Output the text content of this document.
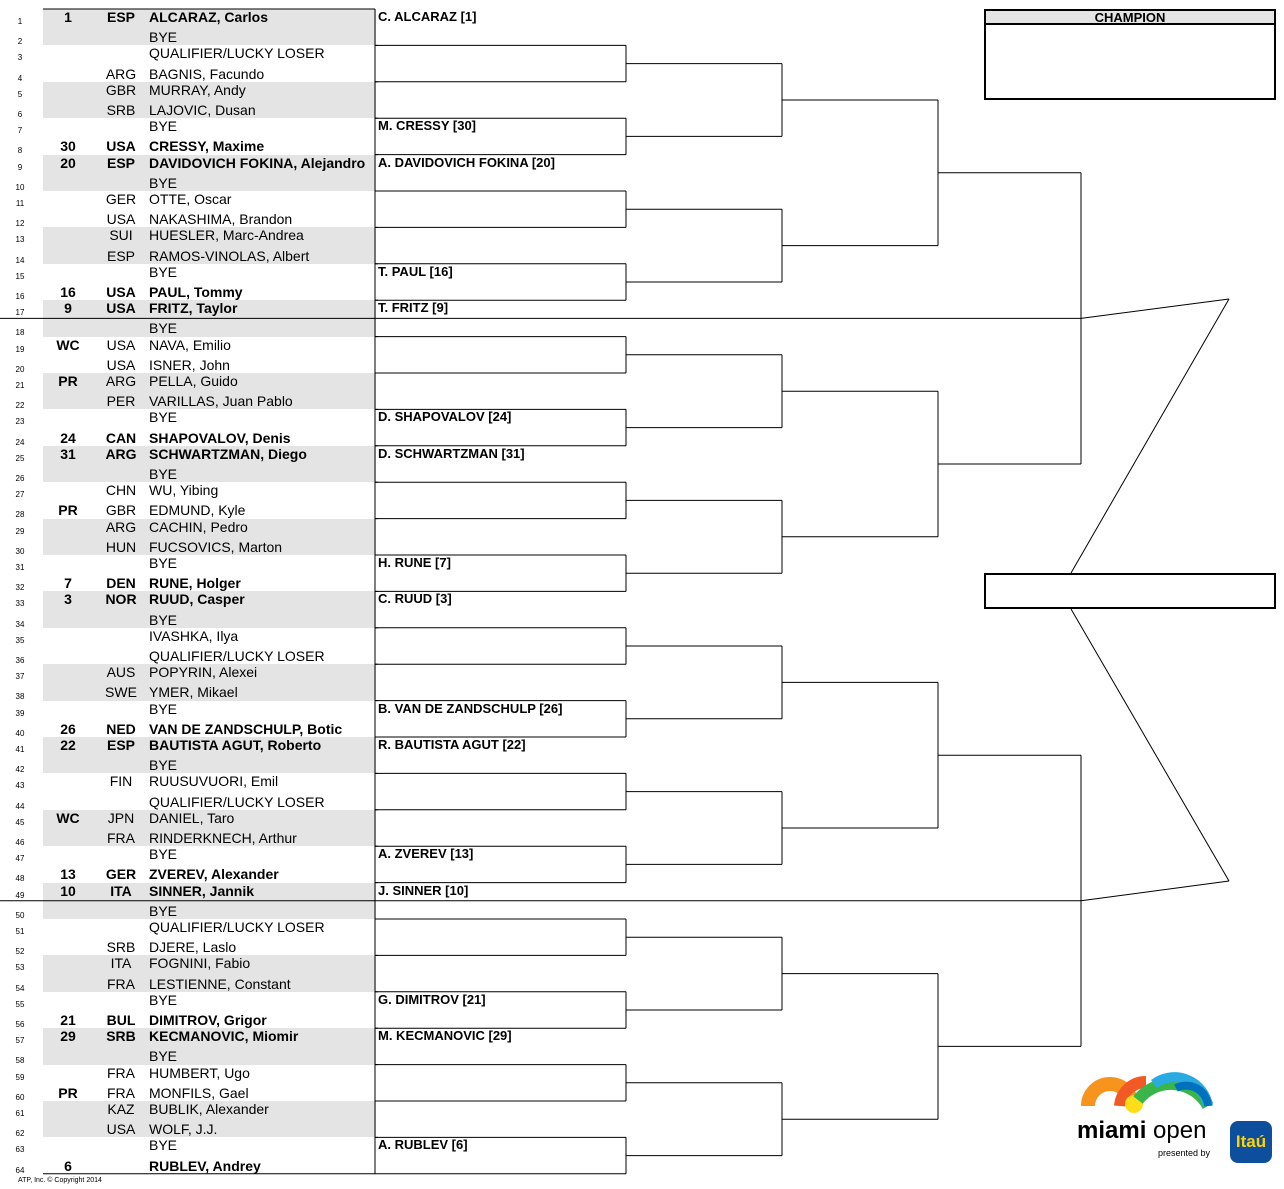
1	1	ESP	ALCARAZ, Carlos
2	BYE
3	QUALIFIER/LUCKY LOSER
4	ARG BAGNIS, Facundo
5	GBR MURRAY, Andy
6	SRB LAJOVIC, Dusan
7	BYE
8	30	USA CRESSY, Maxime
9	20	ESP	DAVIDOVICH FOKINA, Alejandro
10	BYE
11	GER OTTE, Oscar
12	USA NAKASHIMA, Brandon
13	SUI	HUESLER, Marc-Andrea
14	ESP	RAMOS-VINOLAS, Albert
15	BYE
16	16	USA PAUL, Tommy
17	9	USA FRITZ, Taylor
18	BYE
19	WC	USA NAVA, Emilio
20	USA ISNER, John
21	PR	ARG PELLA, Guido
22	PER VARILLAS, Juan Pablo
23	BYE
24	24	CAN SHAPOVALOV, Denis
25	31	ARG SCHWARTZMAN, Diego
26	BYE
27	CHN WU, Yibing
28	PR	GBR EDMUND, Kyle
29	ARG CACHIN, Pedro
30	HUN FUCSOVICS, Marton
31	BYE
32	7	DEN RUNE, Holger
33	3	NOR RUUD, Casper
34	BYE
35	IVASHKA, Ilya
36	QUALIFIER/LUCKY LOSER
37	AUS POPYRIN, Alexei
38	SWE YMER, Mikael
39	BYE
40	26	NED VAN DE ZANDSCHULP, Botic
41	22	ESP	BAUTISTA AGUT, Roberto
42	BYE
43	FIN	RUUSUVUORI, Emil
44	QUALIFIER/LUCKY LOSER
45	WC	JPN	DANIEL, Taro
46	FRA	RINDERKNECH, Arthur
47	BYE
48	13	GER ZVEREV, Alexander
49	10	ITA	SINNER, Jannik
50	BYE
51	QUALIFIER/LUCKY LOSER
52	SRB DJERE, Laslo
53	ITA	FOGNINI, Fabio
54	FRA	LESTIENNE, Constant
55	BYE
56	21	BUL DIMITROV, Grigor
57	29	SRB KECMANOVIC, Miomir
58	BYE
59	FRA	HUMBERT, Ugo
60	PR	FRA	MONFILS, Gael
61	KAZ	BUBLIK, Alexander
62	USA WOLF, J.J.
63	BYE
64	6	RUBLEV, Andrey
C. ALCARAZ [1]
M. CRESSY [30]
A. DAVIDOVICH FOKINA [20]
T. PAUL [16]
T. FRITZ [9]
D. SHAPOVALOV [24]
D. SCHWARTZMAN [31]
H. RUNE [7]
C. RUUD [3]
B. VAN DE ZANDSCHULP [26]
R. BAUTISTA AGUT [22]
A. ZVEREV [13]
J. SINNER [10]
G. DIMITROV [21]
M. KECMANOVIC [29]
A. RUBLEV [6]
CHAMPION
ATP, Inc. © Copyright 2014
miami open
presented by
Itaú
